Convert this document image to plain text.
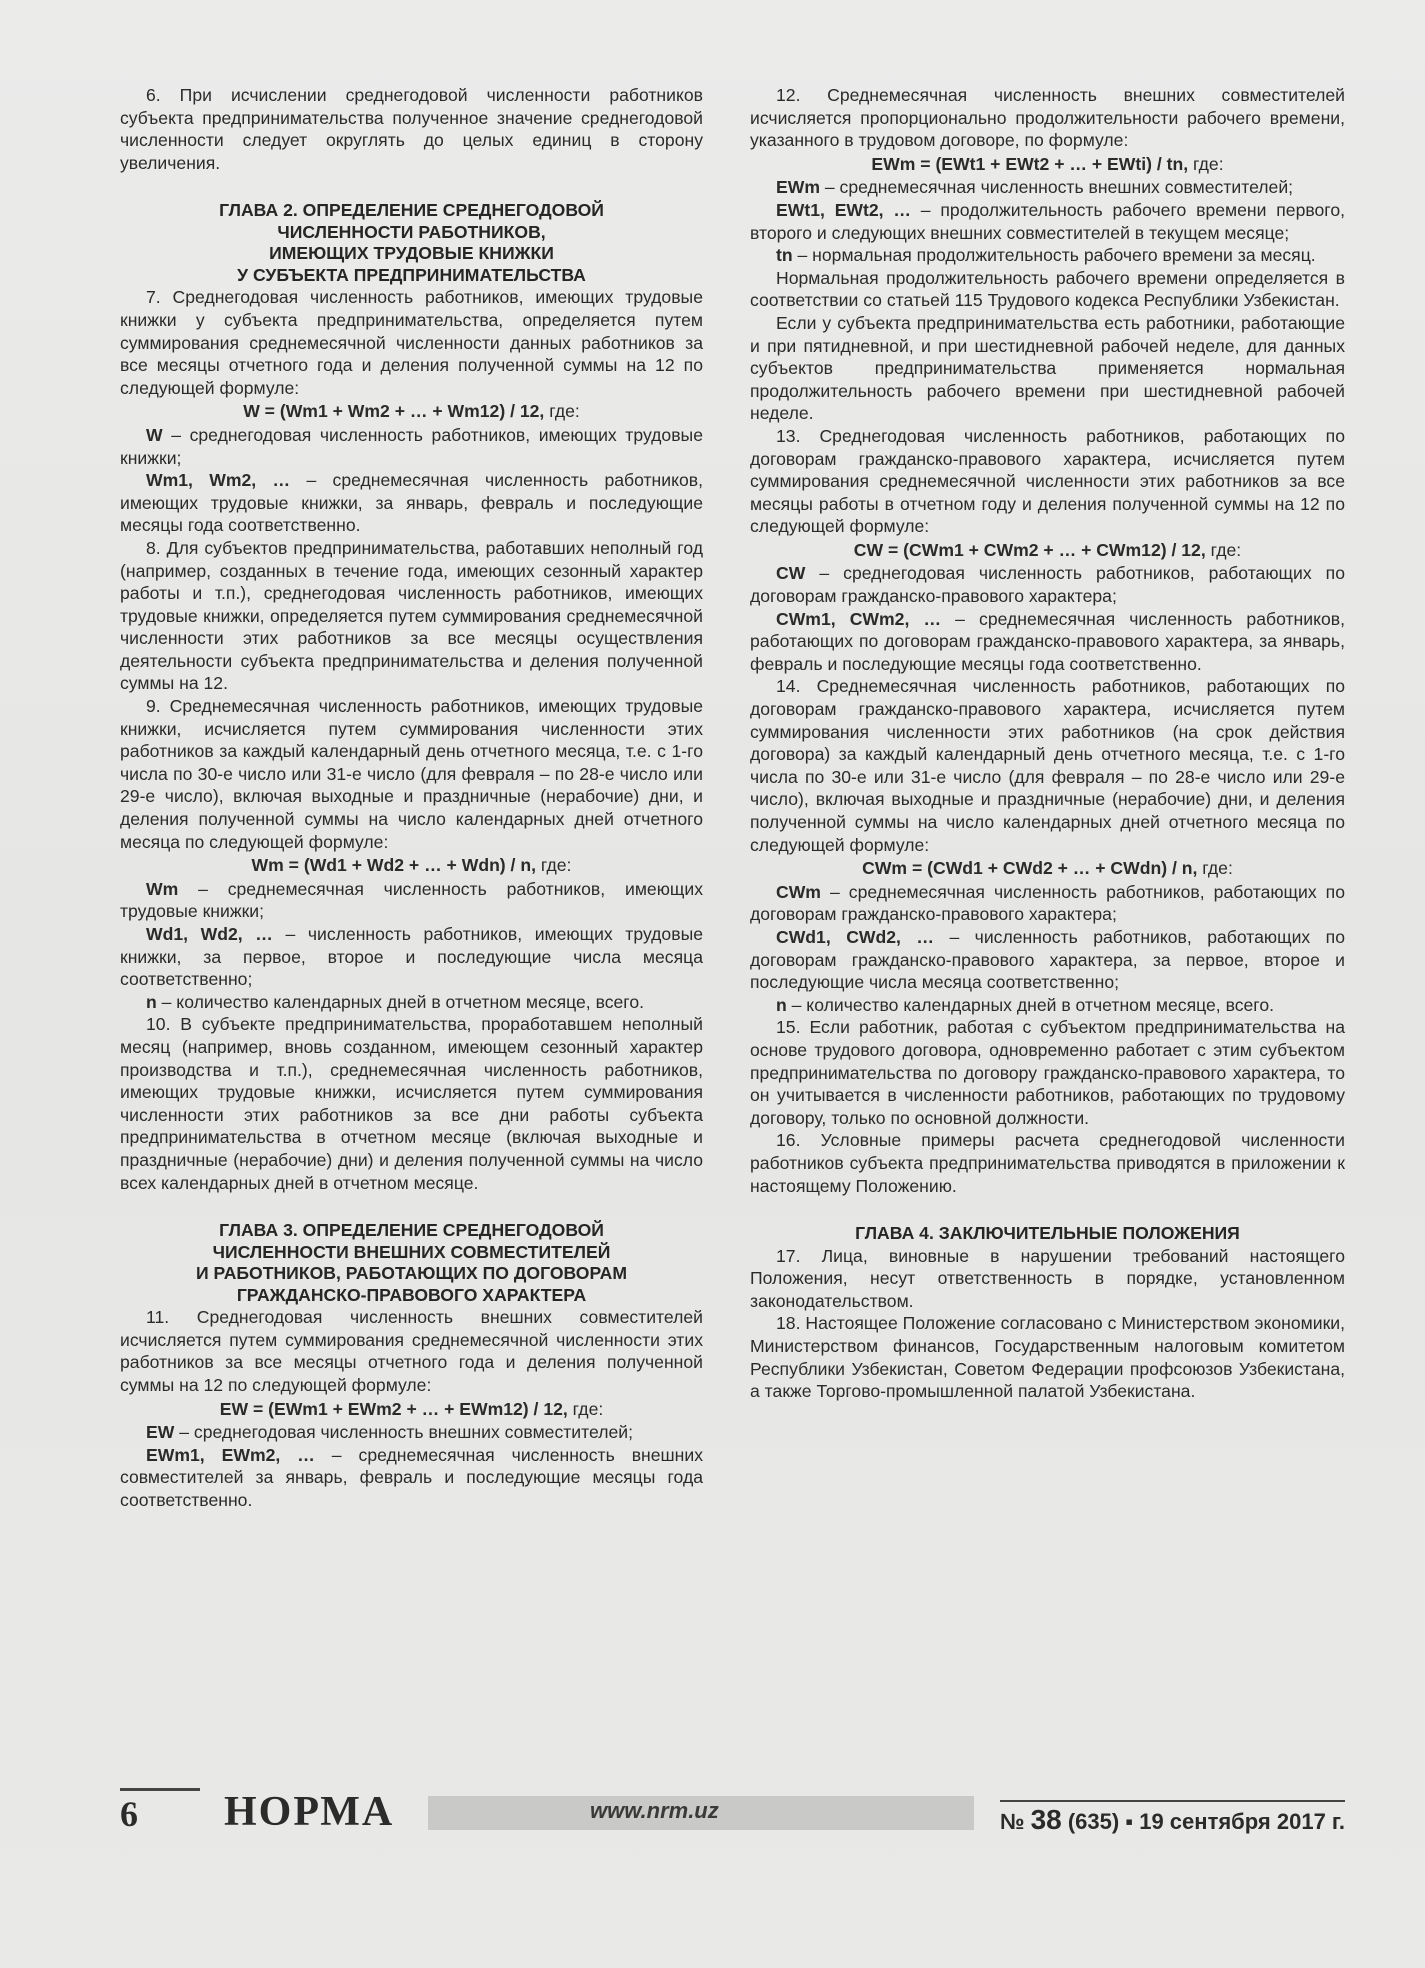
6. При исчислении среднегодовой численности работников субъекта предпринимательства полученное значение среднегодовой численности следует округлять до целых единиц в сторону увеличения.

ГЛАВА 2. ОПРЕДЕЛЕНИЕ СРЕДНЕГОДОВОЙ
ЧИСЛЕННОСТИ РАБОТНИКОВ,
ИМЕЮЩИХ ТРУДОВЫЕ КНИЖКИ
У СУБЪЕКТА ПРЕДПРИНИМАТЕЛЬСТВА

7. Среднегодовая численность работников, имеющих трудовые книжки у субъекта предпринимательства, определяется путем суммирования среднемесячной численности данных работников за все месяцы отчетного года и деления полученной суммы на 12 по следующей формуле:

W = (Wm1 + Wm2 + … + Wm12) / 12, где:

W – среднегодовая численность работников, имеющих трудовые книжки;

Wm1, Wm2, … – среднемесячная численность работников, имеющих трудовые книжки, за январь, февраль и последующие месяцы года соответственно.

8. Для субъектов предпринимательства, работавших неполный год (например, созданных в течение года, имеющих сезонный характер работы и т.п.), среднегодовая численность работников, имеющих трудовые книжки, определяется путем суммирования среднемесячной численности этих работников за все месяцы осуществления деятельности субъекта предпринимательства и деления полученной суммы на 12.

9. Среднемесячная численность работников, имеющих трудовые книжки, исчисляется путем суммирования численности этих работников за каждый календарный день отчетного месяца, т.е. с 1-го числа по 30-е число или 31-е число (для февраля – по 28-е число или 29-е число), включая выходные и праздничные (нерабочие) дни, и деления полученной суммы на число календарных дней отчетного месяца по следующей формуле:

Wm = (Wd1 + Wd2 + … + Wdn) / n, где:

Wm – среднемесячная численность работников, имеющих трудовые книжки;

Wd1, Wd2, … – численность работников, имеющих трудовые книжки, за первое, второе и последующие числа месяца соответственно;

n – количество календарных дней в отчетном месяце, всего.

10. В субъекте предпринимательства, проработавшем неполный месяц (например, вновь созданном, имеющем сезонный характер производства и т.п.), среднемесячная численность работников, имеющих трудовые книжки, исчисляется путем суммирования численности этих работников за все дни работы субъекта предпринимательства в отчетном месяце (включая выходные и праздничные (нерабочие) дни) и деления полученной суммы на число всех календарных дней в отчетном месяце.

ГЛАВА 3. ОПРЕДЕЛЕНИЕ СРЕДНЕГОДОВОЙ
ЧИСЛЕННОСТИ ВНЕШНИХ СОВМЕСТИТЕЛЕЙ
И РАБОТНИКОВ, РАБОТАЮЩИХ ПО ДОГОВОРАМ
ГРАЖДАНСКО-ПРАВОВОГО ХАРАКТЕРА

11. Среднегодовая численность внешних совместителей исчисляется путем суммирования среднемесячной численности этих работников за все месяцы отчетного года и деления полученной суммы на 12 по следующей формуле:

EW = (EWm1 + EWm2 + … + EWm12) / 12, где:

EW – среднегодовая численность внешних совместителей;

EWm1, EWm2, … – среднемесячная численность внешних совместителей за январь, февраль и последующие месяцы года соответственно.

12. Среднемесячная численность внешних совместителей исчисляется пропорционально продолжительности рабочего времени, указанного в трудовом договоре, по формуле:

EWm = (EWt1 + EWt2 + … + EWti) / tn, где:

EWm – среднемесячная численность внешних совместителей;

EWt1, EWt2, … – продолжительность рабочего времени первого, второго и следующих внешних совместителей в текущем месяце;

tn – нормальная продолжительность рабочего времени за месяц.

Нормальная продолжительность рабочего времени определяется в соответствии со статьей 115 Трудового кодекса Республики Узбекистан.

Если у субъекта предпринимательства есть работники, работающие и при пятидневной, и при шестидневной рабочей неделе, для данных субъектов предпринимательства применяется нормальная продолжительность рабочего времени при шестидневной рабочей неделе.

13. Среднегодовая численность работников, работающих по договорам гражданско-правового характера, исчисляется путем суммирования среднемесячной численности этих работников за все месяцы работы в отчетном году и деления полученной суммы на 12 по следующей формуле:

CW = (CWm1 + CWm2 + … + CWm12) / 12, где:

CW – среднегодовая численность работников, работающих по договорам гражданско-правового характера;

CWm1, CWm2, … – среднемесячная численность работников, работающих по договорам гражданско-правового характера, за январь, февраль и последующие месяцы года соответственно.

14. Среднемесячная численность работников, работающих по договорам гражданско-правового характера, исчисляется путем суммирования численности этих работников (на срок действия договора) за каждый календарный день отчетного месяца, т.е. с 1-го числа по 30-е или 31-е число (для февраля – по 28-е число или 29-е число), включая выходные и праздничные (нерабочие) дни, и деления полученной суммы на число календарных дней отчетного месяца по следующей формуле:

CWm = (CWd1 + CWd2 + … + CWdn) / n, где:

CWm – среднемесячная численность работников, работающих по договорам гражданско-правового характера;

CWd1, CWd2, … – численность работников, работающих по договорам гражданско-правового характера, за первое, второе и последующие числа месяца соответственно;

n – количество календарных дней в отчетном месяце, всего.

15. Если работник, работая с субъектом предпринимательства на основе трудового договора, одновременно работает с этим субъектом предпринимательства по договору гражданско-правового характера, то он учитывается в численности работников, работающих по трудовому договору, только по основной должности.

16. Условные примеры расчета среднегодовой численности работников субъекта предпринимательства приводятся в приложении к настоящему Положению.

ГЛАВА 4. ЗАКЛЮЧИТЕЛЬНЫЕ ПОЛОЖЕНИЯ

17. Лица, виновные в нарушении требований настоящего Положения, несут ответственность в порядке, установленном законодательством.

18. Настоящее Положение согласовано с Министерством экономики, Министерством финансов, Государственным налоговым комитетом Республики Узбекистан, Советом Федерации профсоюзов Узбекистана, а также Торгово-промышленной палатой Узбекистана.

6	НОРМА	www.nrm.uz	№ 38 (635) ▪ 19 сентября 2017 г.
